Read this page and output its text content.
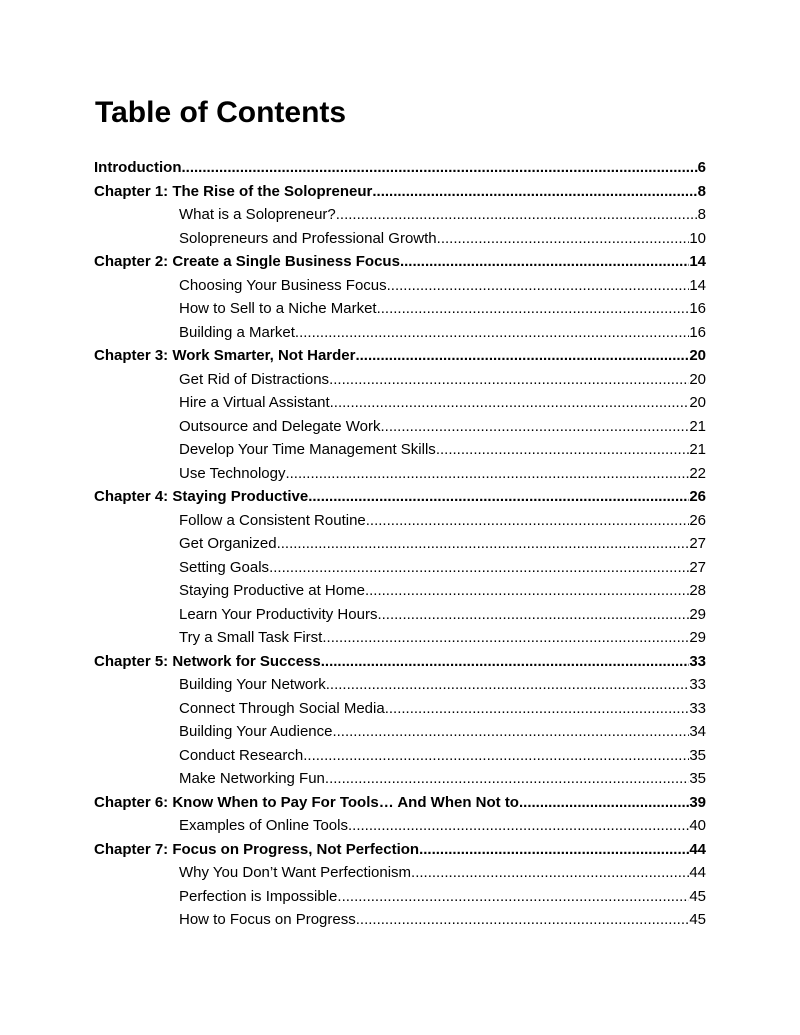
Table of Contents
Introduction .....	6
Chapter 1: The Rise of the Solopreneur .....	8
What is a Solopreneur? .....	8
Solopreneurs and Professional Growth .....	10
Chapter 2: Create a Single Business Focus .....	14
Choosing Your Business Focus .....	14
How to Sell to a Niche Market .....	16
Building a Market .....	16
Chapter 3: Work Smarter, Not Harder .....	20
Get Rid of Distractions .....	20
Hire a Virtual Assistant .....	20
Outsource and Delegate Work .....	21
Develop Your Time Management Skills .....	21
Use Technology .....	22
Chapter 4: Staying Productive .....	26
Follow a Consistent Routine .....	26
Get Organized .....	27
Setting Goals .....	27
Staying Productive at Home .....	28
Learn Your Productivity Hours .....	29
Try a Small Task First .....	29
Chapter 5: Network for Success .....	33
Building Your Network .....	33
Connect Through Social Media .....	33
Building Your Audience .....	34
Conduct Research .....	35
Make Networking Fun .....	35
Chapter 6: Know When to Pay For Tools… And When Not to .....	39
Examples of Online Tools .....	40
Chapter 7: Focus on Progress, Not Perfection .....	44
Why You Don’t Want Perfectionism .....	44
Perfection is Impossible .....	45
How to Focus on Progress .....	45
